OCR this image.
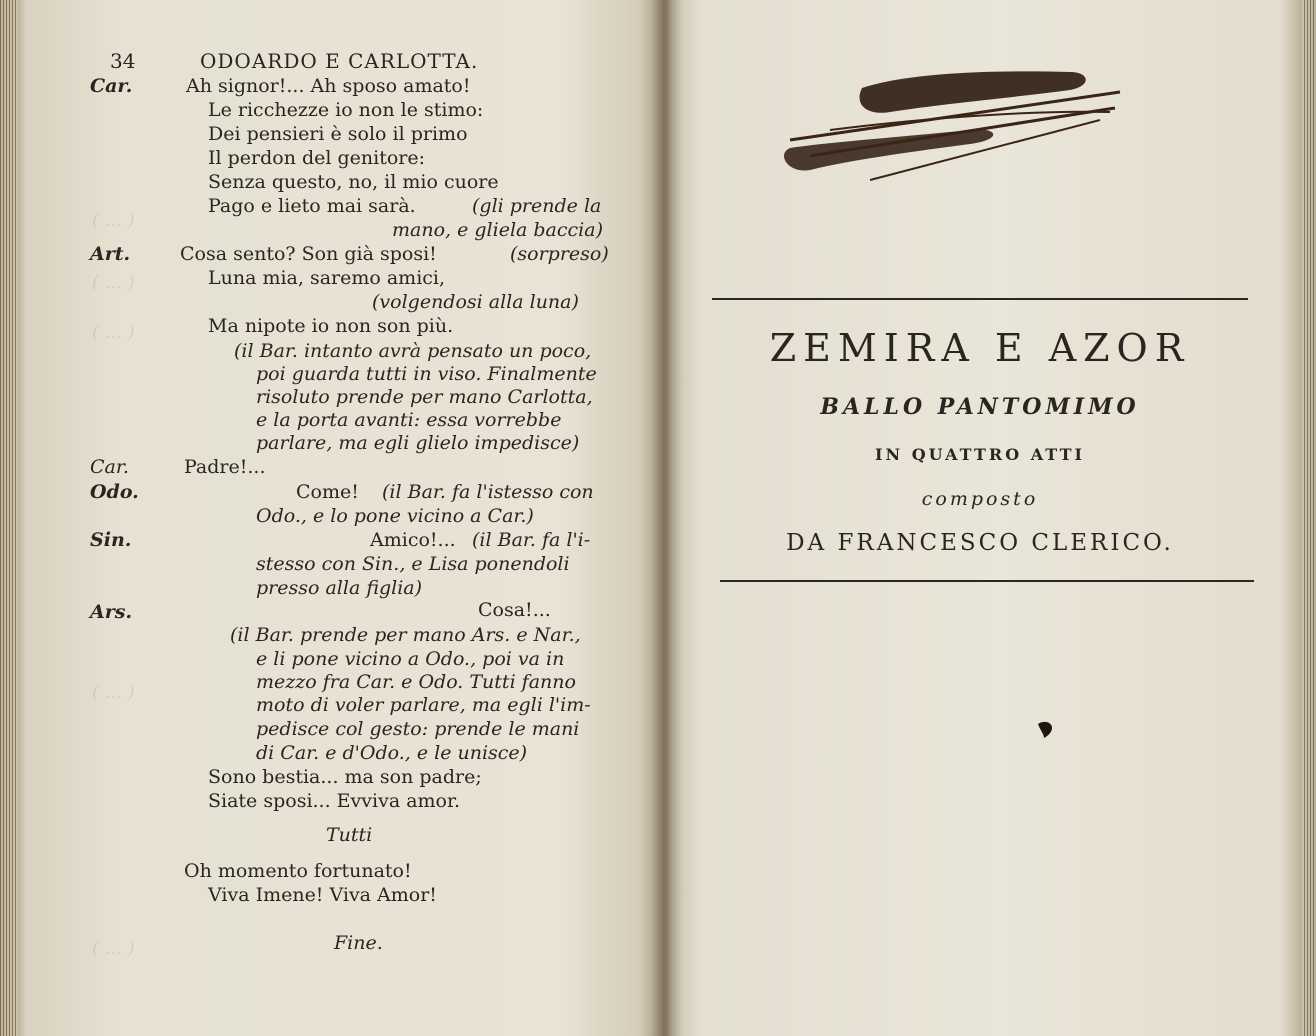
( ... )
( ... )
( ... )
( ... )
( ... )
34	ODOARDO E CARLOTTA.
Car.	Ah signor!... Ah sposo amato!
Le ricchezze io non le stimo:
Dei pensieri è solo il primo
Il perdon del genitore:
Senza questo, no, il mio cuore
Pago e lieto mai sarà.	(gli prende la
mano, e gliela baccia)
Art.	Cosa sento? Son già sposi!	(sorpreso)
Luna mia, saremo amici,
(volgendosi alla luna)
Ma nipote io non son più.
(il Bar. intanto avrà pensato un poco,
poi guarda tutti in viso. Finalmente
risoluto prende per mano Carlotta,
e la porta avanti: essa vorrebbe
parlare, ma egli glielo impedisce)
Car.	Padre!...
Odo.	Come! (il Bar. fa l'istesso con
Odo., e lo pone vicino a Car.)
Sin.	Amico!... (il Bar. fa l'i-
stesso con Sin., e Lisa ponendoli
presso alla figlia)
Ars.	Cosa!...
(il Bar. prende per mano Ars. e Nar.,
e li pone vicino a Odo., poi va in
mezzo fra Car. e Odo. Tutti fanno
moto di voler parlare, ma egli l'im-
pedisce col gesto: prende le mani
di Car. e d'Odo., e le unisce)
Sono bestia... ma son padre;
Siate sposi... Evviva amor.
Tutti
Oh momento fortunato!
Viva Imene! Viva Amor!
Fine.
ZEMIRA E AZOR
BALLO PANTOMIMO
IN QUATTRO ATTI
composto
DA FRANCESCO CLERICO.
